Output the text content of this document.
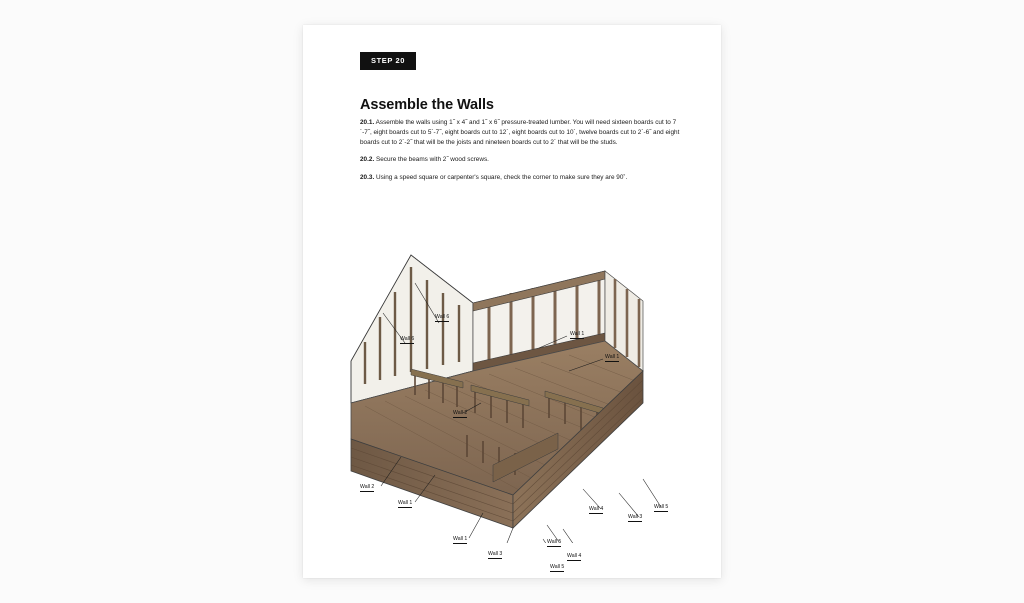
STEP 20
Assemble the Walls

20.1. Assemble the walls using 1˝ x 4˝ and 1˝ x 6˝ pressure-treated lumber. You will need sixteen boards cut to 7´-7˝, eight boards cut to 5´-7˝, eight boards cut to 12´, eight boards cut to 10´, twelve boards cut to 2´-6˝ and eight boards cut to 2´-2˝ that will be the joists and nineteen boards cut to 2´ that will be the studs.

20.2. Secure the beams with 2˝ wood screws.

20.3. Using a speed square or carpenter's square, check the corner to make sure they are 90˚.

Wall 6
Wall 6
Wall 1
Wall 1
Wall 2
Wall 2
Wall 1
Wall 1
Wall 3
Wall 5
Wall 5
Wall 4
Wall 4
Wall 3
Wall 5
